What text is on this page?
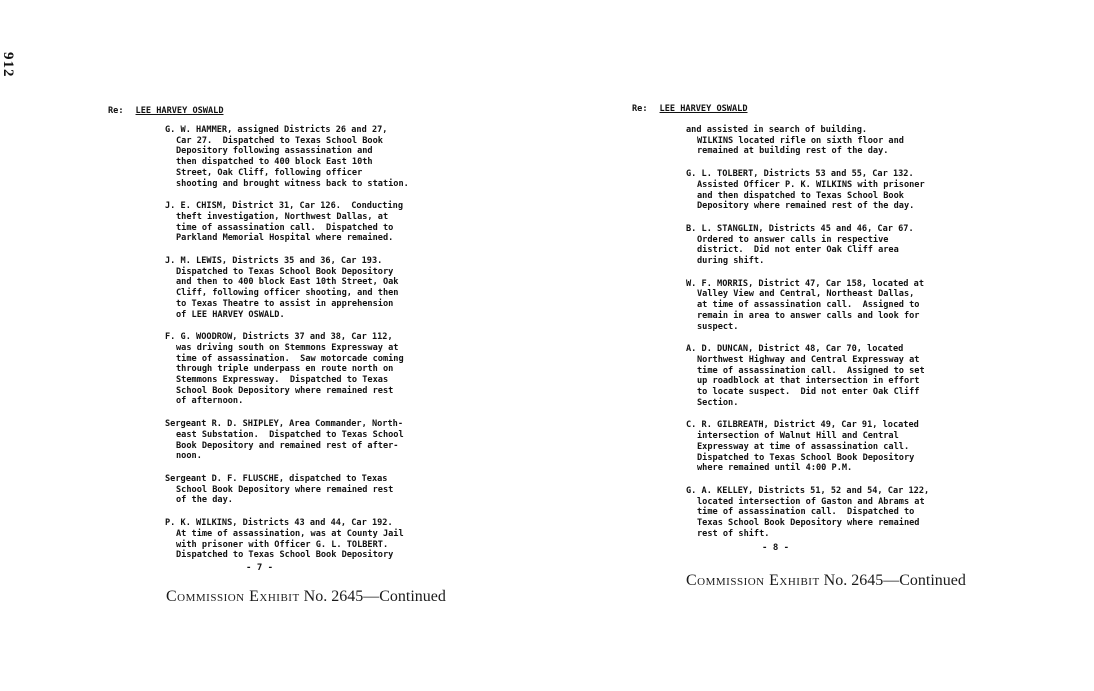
912
Re: LEE HARVEY OSWALD
G. W. HAMMER, assigned Districts 26 and 27,
Car 27.  Dispatched to Texas School Book
Depository following assassination and
then dispatched to 400 block East 10th
Street, Oak Cliff, following officer
shooting and brought witness back to station.
J. E. CHISM, District 31, Car 126.  Conducting
theft investigation, Northwest Dallas, at
time of assassination call.  Dispatched to
Parkland Memorial Hospital where remained.
J. M. LEWIS, Districts 35 and 36, Car 193.
Dispatched to Texas School Book Depository
and then to 400 block East 10th Street, Oak
Cliff, following officer shooting, and then
to Texas Theatre to assist in apprehension
of LEE HARVEY OSWALD.
F. G. WOODROW, Districts 37 and 38, Car 112,
was driving south on Stemmons Expressway at
time of assassination.  Saw motorcade coming
through triple underpass en route north on
Stemmons Expressway.  Dispatched to Texas
School Book Depository where remained rest
of afternoon.
Sergeant R. D. SHIPLEY, Area Commander, North-
east Substation.  Dispatched to Texas School
Book Depository and remained rest of after-
noon.
Sergeant D. F. FLUSCHE, dispatched to Texas
School Book Depository where remained rest
of the day.
P. K. WILKINS, Districts 43 and 44, Car 192.
At time of assassination, was at County Jail
with prisoner with Officer G. L. TOLBERT.
Dispatched to Texas School Book Depository
- 7 -
Commission Exhibit No. 2645—Continued
Re: LEE HARVEY OSWALD
and assisted in search of building.
WILKINS located rifle on sixth floor and
remained at building rest of the day.
G. L. TOLBERT, Districts 53 and 55, Car 132.
Assisted Officer P. K. WILKINS with prisoner
and then dispatched to Texas School Book
Depository where remained rest of the day.
B. L. STANGLIN, Districts 45 and 46, Car 67.
Ordered to answer calls in respective
district.  Did not enter Oak Cliff area
during shift.
W. F. MORRIS, District 47, Car 158, located at
Valley View and Central, Northeast Dallas,
at time of assassination call.  Assigned to
remain in area to answer calls and look for
suspect.
A. D. DUNCAN, District 48, Car 70, located
Northwest Highway and Central Expressway at
time of assassination call.  Assigned to set
up roadblock at that intersection in effort
to locate suspect.  Did not enter Oak Cliff
Section.
C. R. GILBREATH, District 49, Car 91, located
intersection of Walnut Hill and Central
Expressway at time of assassination call.
Dispatched to Texas School Book Depository
where remained until 4:00 P.M.
G. A. KELLEY, Districts 51, 52 and 54, Car 122,
located intersection of Gaston and Abrams at
time of assassination call.  Dispatched to
Texas School Book Depository where remained
rest of shift.
- 8 -
Commission Exhibit No. 2645—Continued
